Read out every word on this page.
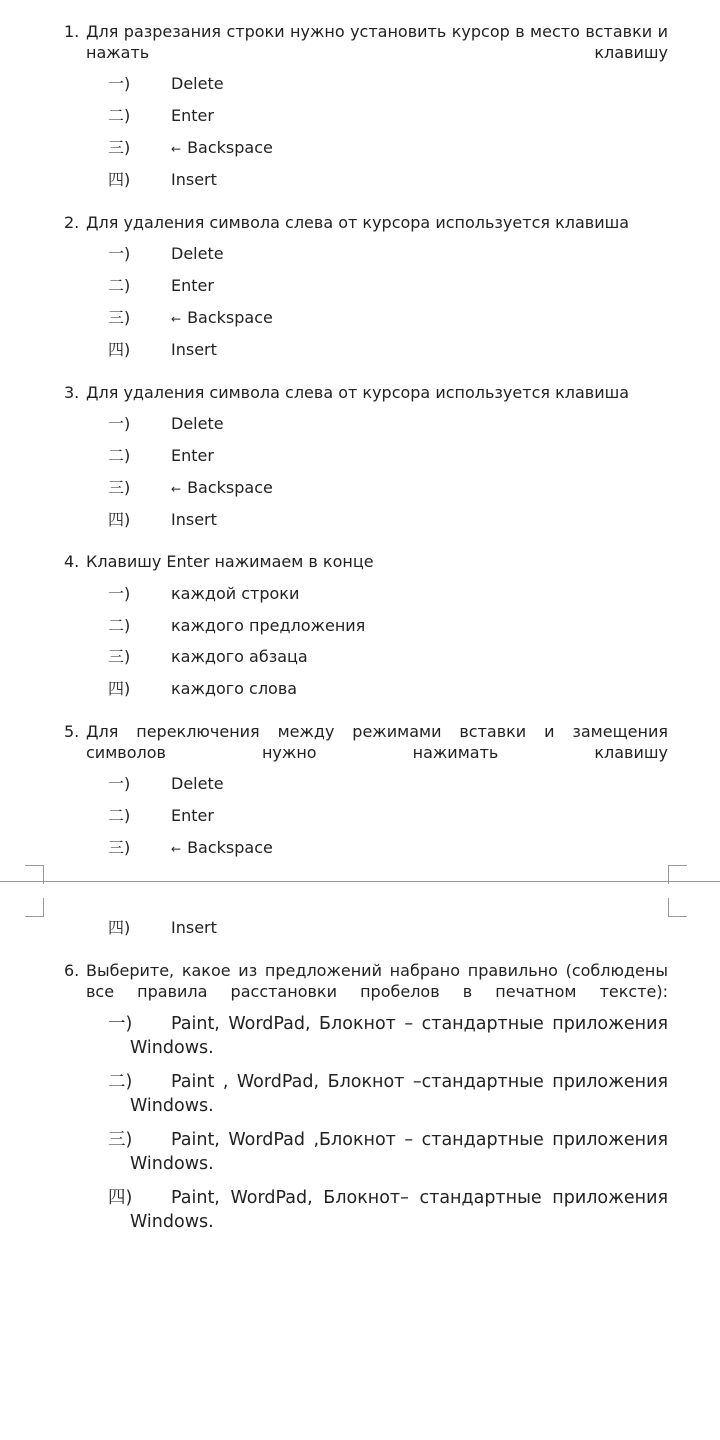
1. Для разрезания строки нужно установить курсор в место вставки и нажать клавишу
一)	Delete
二)	Enter
三)	← Backspace
四)	Insert
2. Для удаления символа слева от курсора используется клавиша
一)	Delete
二)	Enter
三)	← Backspace
四)	Insert
3. Для удаления символа слева от курсора используется клавиша
一)	Delete
二)	Enter
三)	← Backspace
四)	Insert
4. Клавишу Enter нажимаем в конце
一)	каждой строки
二)	каждого предложения
三)	каждого абзаца
四)	каждого слова
5. Для переключения между режимами вставки и замещения символов нужно нажимать клавишу
一)	Delete
二)	Enter
三)	← Backspace
四)	Insert
6. Выберите, какое из предложений набрано правильно (соблюдены все правила расстановки пробелов в печатном тексте):
一)	Paint, WordPad, Блокнот – стандартные приложения
Windows.
二)	Paint , WordPad, Блокнот –стандартные приложения
Windows.
三)	Paint, WordPad ,Блокнот – стандартные приложения
Windows.
四)	Paint, WordPad, Блокнот– стандартные приложения
Windows.
